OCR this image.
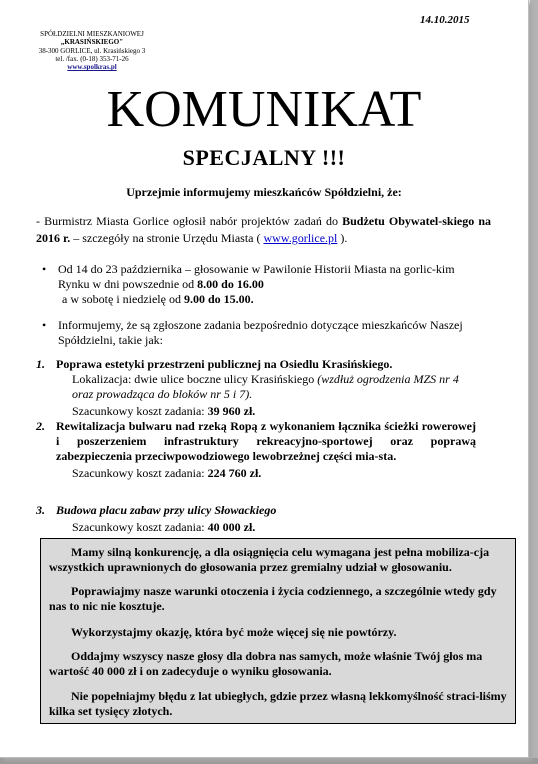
SPÓŁDZIELNI MIESZKANIOWEJ
„KRASIŃSKIEGO"
38-300 GORLICE, ul. Krasińskiego 3
tel. /fax. (0-18) 353-71-26
www.spolkras.pl
14.10.2015
KOMUNIKAT
SPECJALNY !!!
Uprzejmie informujemy mieszkańców Spółdzielni, że:
- Burmistrz Miasta Gorlice ogłosił nabór projektów zadań do Budżetu Obywatel-skiego na 2016 r. – szczegóły na stronie Urzędu Miasta ( www.gorlice.pl ).
• Od 14 do 23 października – głosowanie w Pawilonie Historii Miasta na gorlic-kim Rynku w dni powszednie od 8.00 do 16.00
a w sobotę i niedzielę od 9.00 do 15.00.
• Informujemy, że są zgłoszone zadania bezpośrednio dotyczące mieszkańców Naszej Spółdzielni, takie jak:
1. Poprawa estetyki przestrzeni publicznej na Osiedlu Krasińskiego.
Lokalizacja: dwie ulice boczne ulicy Krasińskiego (wzdłuż ogrodzenia MZS nr 4 oraz prowadząca do bloków nr 5 i 7).
Szacunkowy koszt zadania: 39 960 zł.
2. Rewitalizacja bulwaru nad rzeką Ropą z wykonaniem łącznika ścieżki rowerowej i poszerzeniem infrastruktury rekreacyjno-sportowej oraz poprawą zabezpieczenia przeciwpowodziowego lewobrzeżnej części mia-sta.
Szacunkowy koszt zadania: 224 760 zł.
3. Budowa placu zabaw przy ulicy Słowackiego
Szacunkowy koszt zadania: 40 000 zł.

Mamy silną konkurencję, a dla osiągnięcia celu wymagana jest pełna mobiliza-cja wszystkich uprawnionych do głosowania przez gremialny udział w głosowaniu.

Poprawiajmy nasze warunki otoczenia i życia codziennego, a szczególnie wtedy gdy nas to nic nie kosztuje.

Wykorzystajmy okazję, która być może więcej się nie powtórzy.

Oddajmy wszyscy nasze głosy dla dobra nas samych, może właśnie Twój głos ma wartość 40 000 zł i on zadecyduje o wyniku głosowania.

Nie popełniajmy błędu z lat ubiegłych, gdzie przez własną lekkomyślność straci-liśmy kilka set tysięcy złotych.
